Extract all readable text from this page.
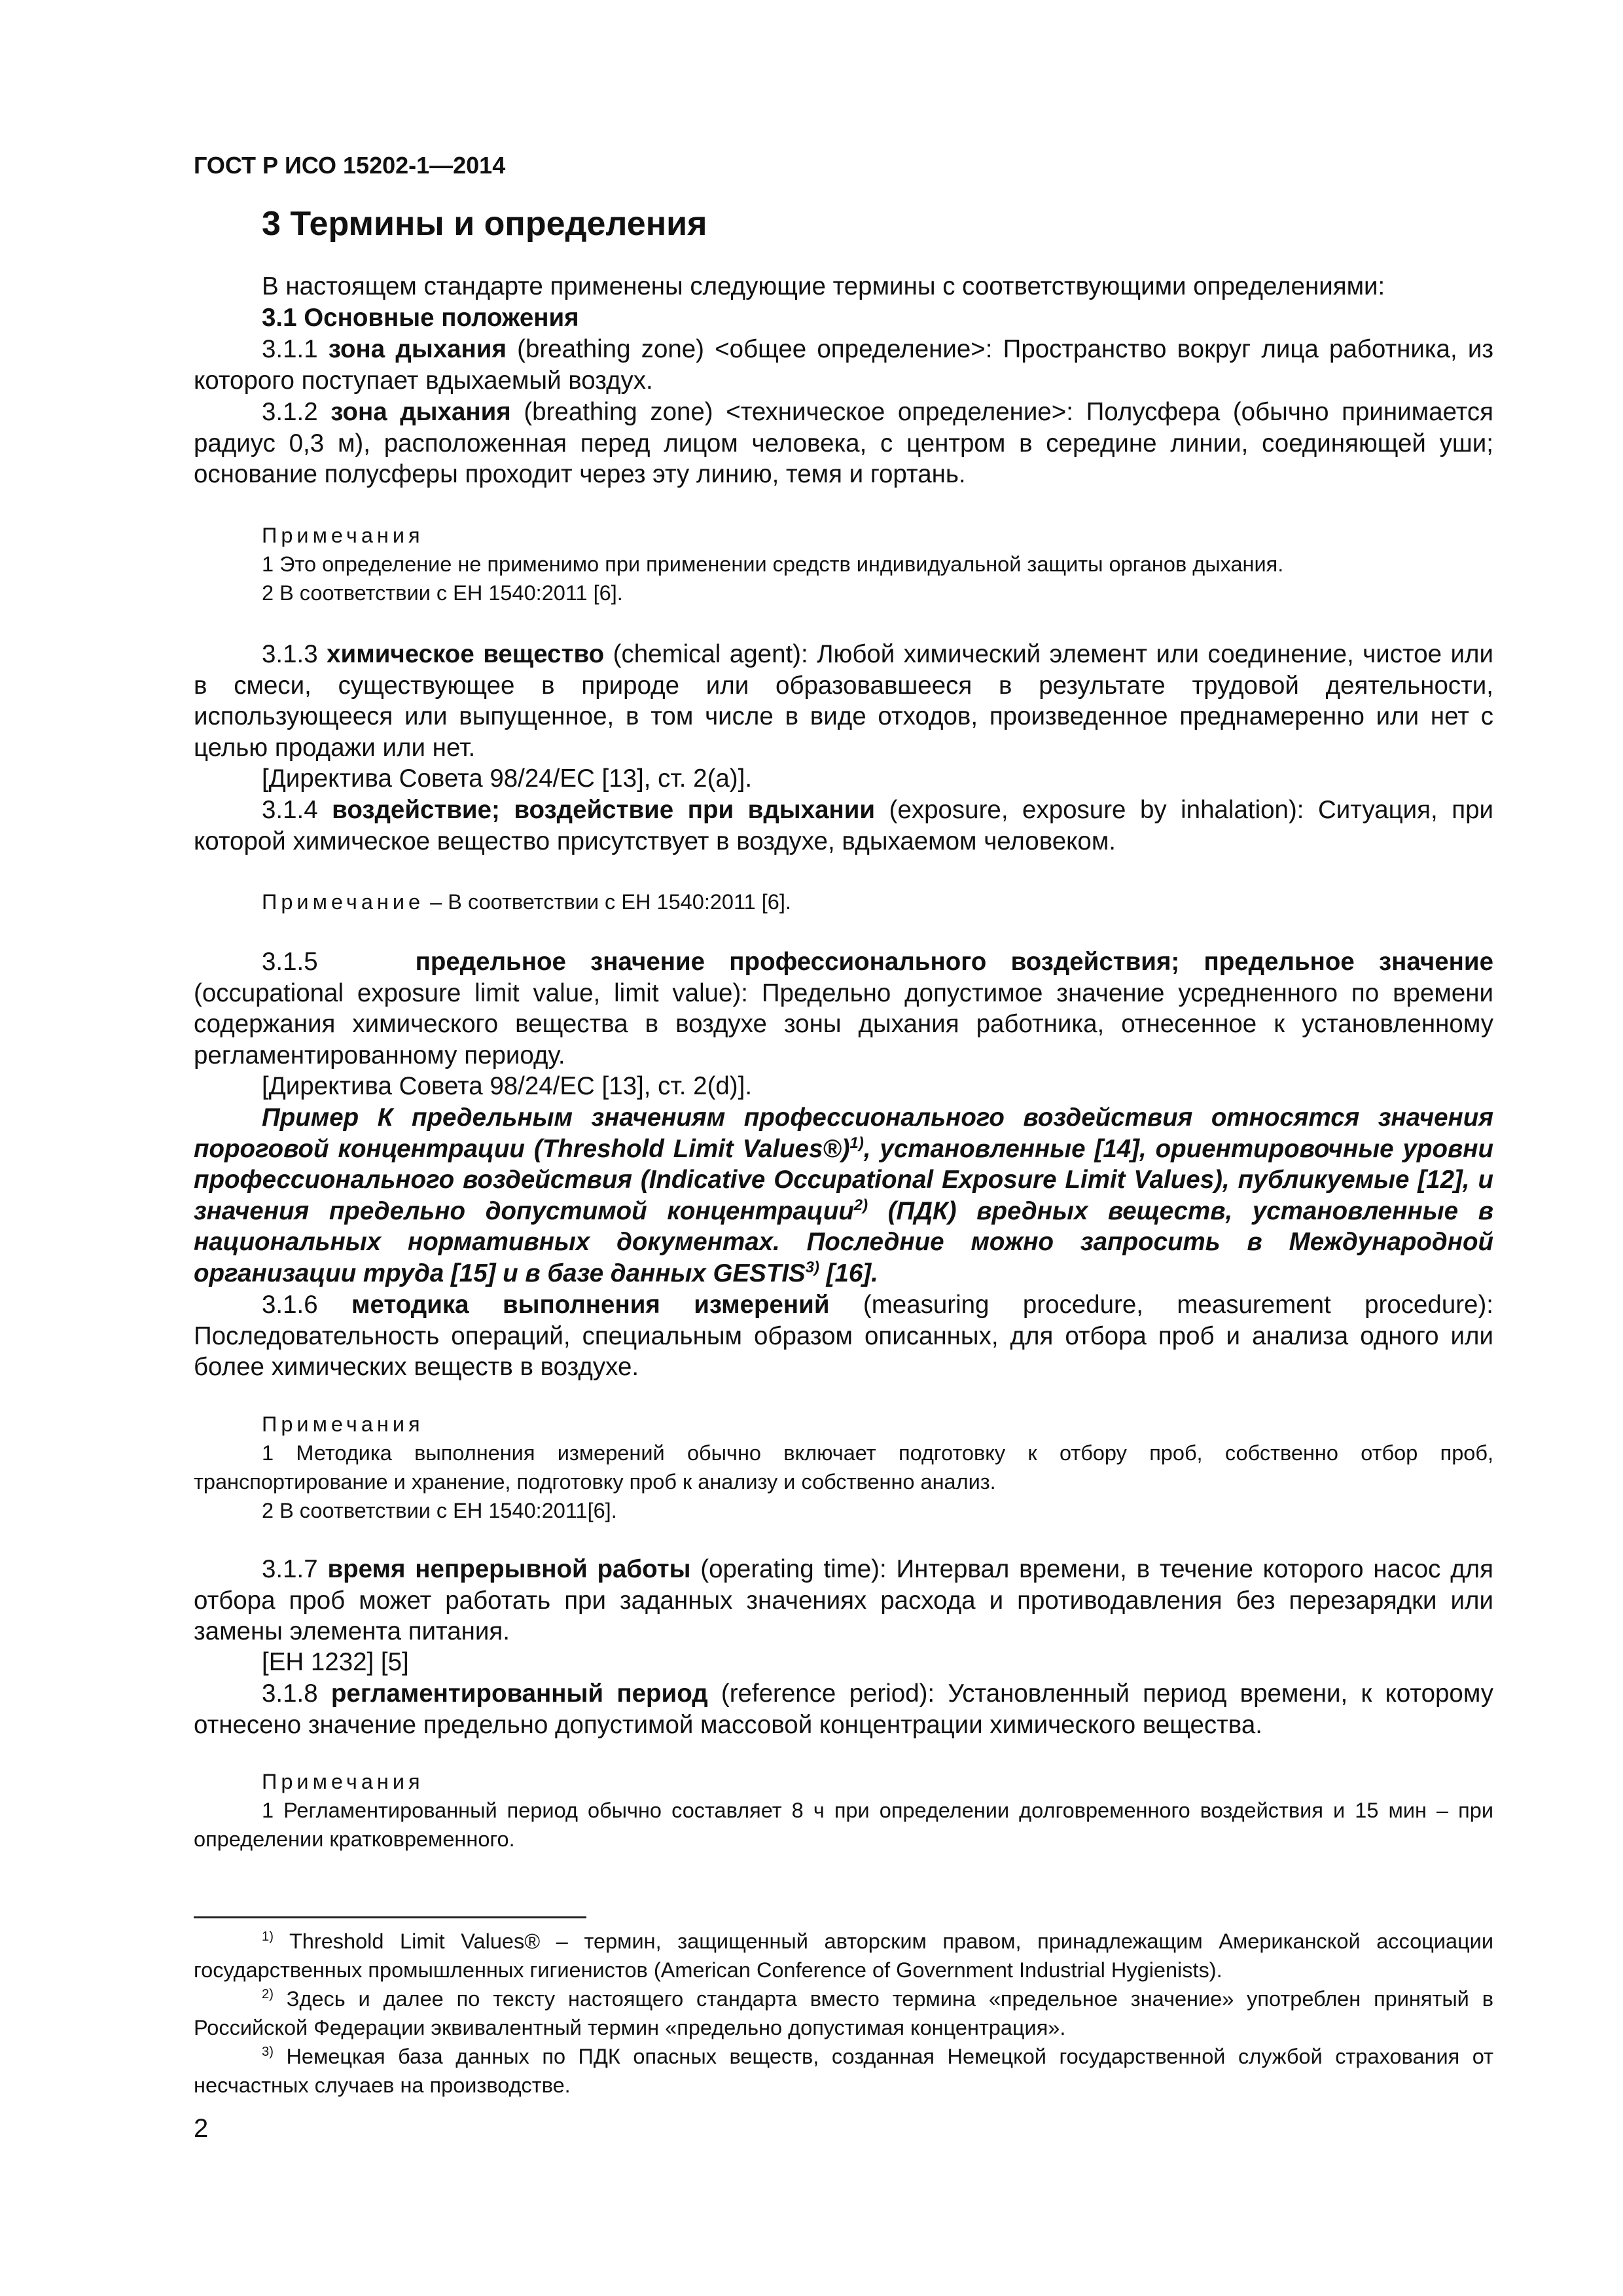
ГОСТ Р ИСО 15202-1—2014
3 Термины и определения

В настоящем стандарте применены следующие термины с соответствующими определениями:

3.1 Основные положения

3.1.1 зона дыхания (breathing zone) <общее определение>: Пространство вокруг лица работника, из которого поступает вдыхаемый воздух.

3.1.2 зона дыхания (breathing zone) <техническое определение>: Полусфера (обычно принимается радиус 0,3 м), расположенная перед лицом человека, с центром в середине линии, соединяющей уши; основание полусферы проходит через эту линию, темя и гортань.

Примечания
1 Это определение не применимо при применении средств индивидуальной защиты органов дыхания.
2 В соответствии с ЕН 1540:2011 [6].

3.1.3 химическое вещество (chemical agent): Любой химический элемент или соединение, чистое или в смеси, существующее в природе или образовавшееся в результате трудовой деятельности, использующееся или выпущенное, в том числе в виде отходов, произведенное преднамеренно или нет с целью продажи или нет.

[Директива Совета 98/24/ЕС [13], ст. 2(а)].

3.1.4 воздействие; воздействие при вдыхании (exposure, exposure by inhalation): Ситуация, при которой химическое вещество присутствует в воздухе, вдыхаемом человеком.

Примечание – В соответствии с ЕН 1540:2011 [6].

3.1.5	предельное значение профессионального воздействия; предельное значение (occupational exposure limit value, limit value): Предельно допустимое значение усредненного по времени содержания химического вещества в воздухе зоны дыхания работника, отнесенное к установленному регламентированному периоду.

[Директива Совета 98/24/ЕС [13], ст. 2(d)].

Пример К предельным значениям профессионального воздействия относятся значения пороговой концентрации (Threshold Limit Values®)$^{1)}$, установленные [14], ориентировочные уровни профессионального воздействия (Indicative Occupational Exposure Limit Values), публикуемые [12], и значения предельно допустимой концентрации$^{2)}$ (ПДК) вредных веществ, установленные в национальных нормативных документах. Последние можно запросить в Международной организации труда [15] и в базе данных GESTIS$^{3)}$ [16].

3.1.6 методика выполнения измерений (measuring procedure, measurement procedure): Последовательность операций, специальным образом описанных, для отбора проб и анализа одного или более химических веществ в воздухе.

Примечания
1 Методика выполнения измерений обычно включает подготовку к отбору проб, собственно отбор проб, транспортирование и хранение, подготовку проб к анализу и собственно анализ.
2 В соответствии с ЕН 1540:2011[6].

3.1.7 время непрерывной работы (operating time): Интервал времени, в течение которого насос для отбора проб может работать при заданных значениях расхода и противодавления без перезарядки или замены элемента питания.

[ЕН 1232] [5]

3.1.8 регламентированный период (reference period): Установленный период времени, к которому отнесено значение предельно допустимой массовой концентрации химического вещества.

Примечания
1 Регламентированный период обычно составляет 8 ч при определении долговременного воздействия и 15 мин – при определении кратковременного.

$^{1)}$ Threshold Limit Values® – термин, защищенный авторским правом, принадлежащим Американской ассоциации государственных промышленных гигиенистов (American Conference of Government Industrial Hygienists).

$^{2)}$ Здесь и далее по тексту настоящего стандарта вместо термина «предельное значение» употреблен принятый в Российской Федерации эквивалентный термин «предельно допустимая концентрация».

$^{3)}$ Немецкая база данных по ПДК опасных веществ, созданная Немецкой государственной службой страхования от несчастных случаев на производстве.

2
